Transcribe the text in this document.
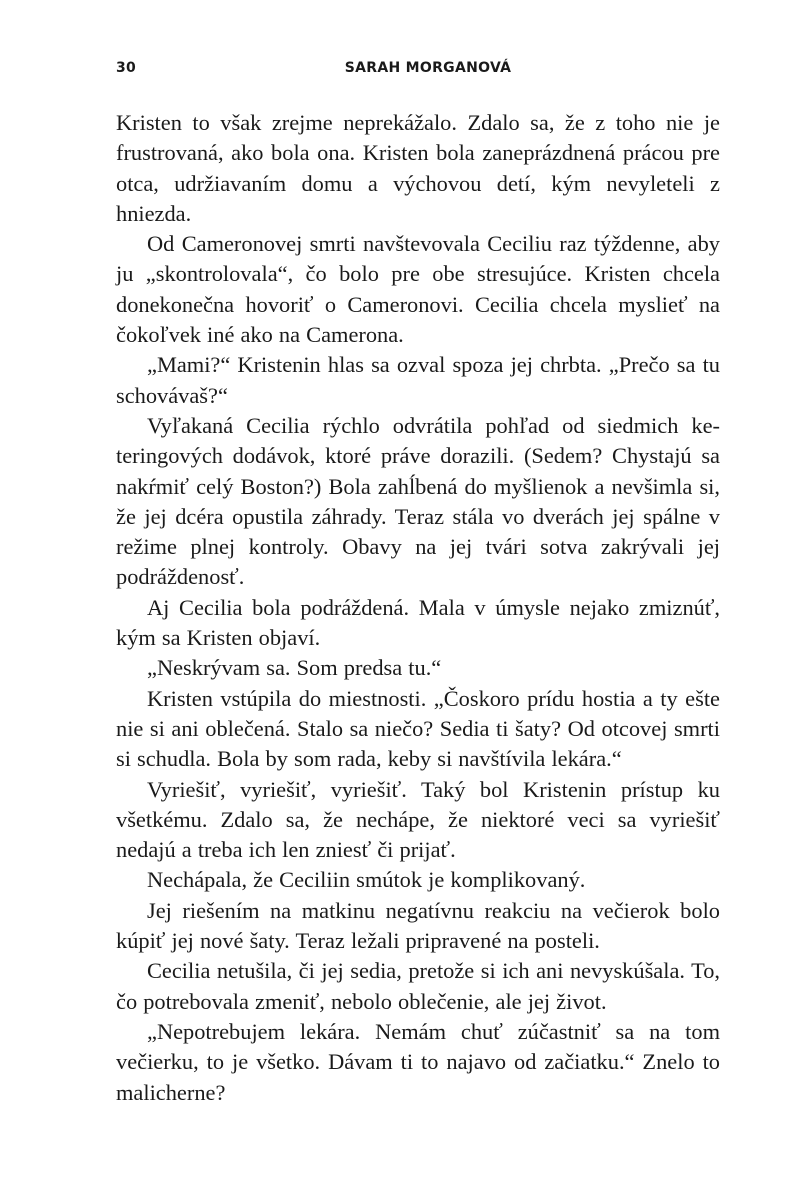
30	SARAH MORGANOVÁ

Kristen to však zrejme neprekážalo. Zdalo sa, že z toho nie je frustrovaná, ako bola ona. Kristen bola zaneprázdnená prácou pre otca, udržiavaním domu a výchovou detí, kým nevyleteli z hniezda.

Od Cameronovej smrti navštevovala Ceciliu raz týždenne, aby ju „skontrolovala“, čo bolo pre obe stresujúce. Kristen chcela donekonečna hovoriť o Cameronovi. Cecilia chcela myslieť na čokoľvek iné ako na Camerona.

„Mami?“ Kristenin hlas sa ozval spoza jej chrbta. „Prečo sa tu schovávaš?“

Vyľakaná Cecilia rýchlo odvrátila pohľad od siedmich keteringových dodávok, ktoré práve dorazili. (Sedem? Chystajú sa nakŕmiť celý Boston?) Bola zahĺbená do myšlienok a nevšimla si, že jej dcéra opustila záhrady. Teraz stála vo dverách jej spálne v režime plnej kontroly. Obavy na jej tvári sotva zakrývali jej podráždenosť.

Aj Cecilia bola podráždená. Mala v úmysle nejako zmiznúť, kým sa Kristen objaví.

„Neskrývam sa. Som predsa tu.“

Kristen vstúpila do miestnosti. „Čoskoro prídu hostia a ty ešte nie si ani oblečená. Stalo sa niečo? Sedia ti šaty? Od otcovej smrti si schudla. Bola by som rada, keby si navštívila lekára.“

Vyriešiť, vyriešiť, vyriešiť. Taký bol Kristenin prístup ku všetkému. Zdalo sa, že nechápe, že niektoré veci sa vyriešiť nedajú a treba ich len zniesť či prijať.

Nechápala, že Ceciliin smútok je komplikovaný.

Jej riešením na matkinu negatívnu reakciu na večierok bolo kúpiť jej nové šaty. Teraz ležali pripravené na posteli.

Cecilia netušila, či jej sedia, pretože si ich ani nevyskúšala. To, čo potrebovala zmeniť, nebolo oblečenie, ale jej život.

„Nepotrebujem lekára. Nemám chuť zúčastniť sa na tom večierku, to je všetko. Dávam ti to najavo od začiatku.“ Znelo to malicherne?
